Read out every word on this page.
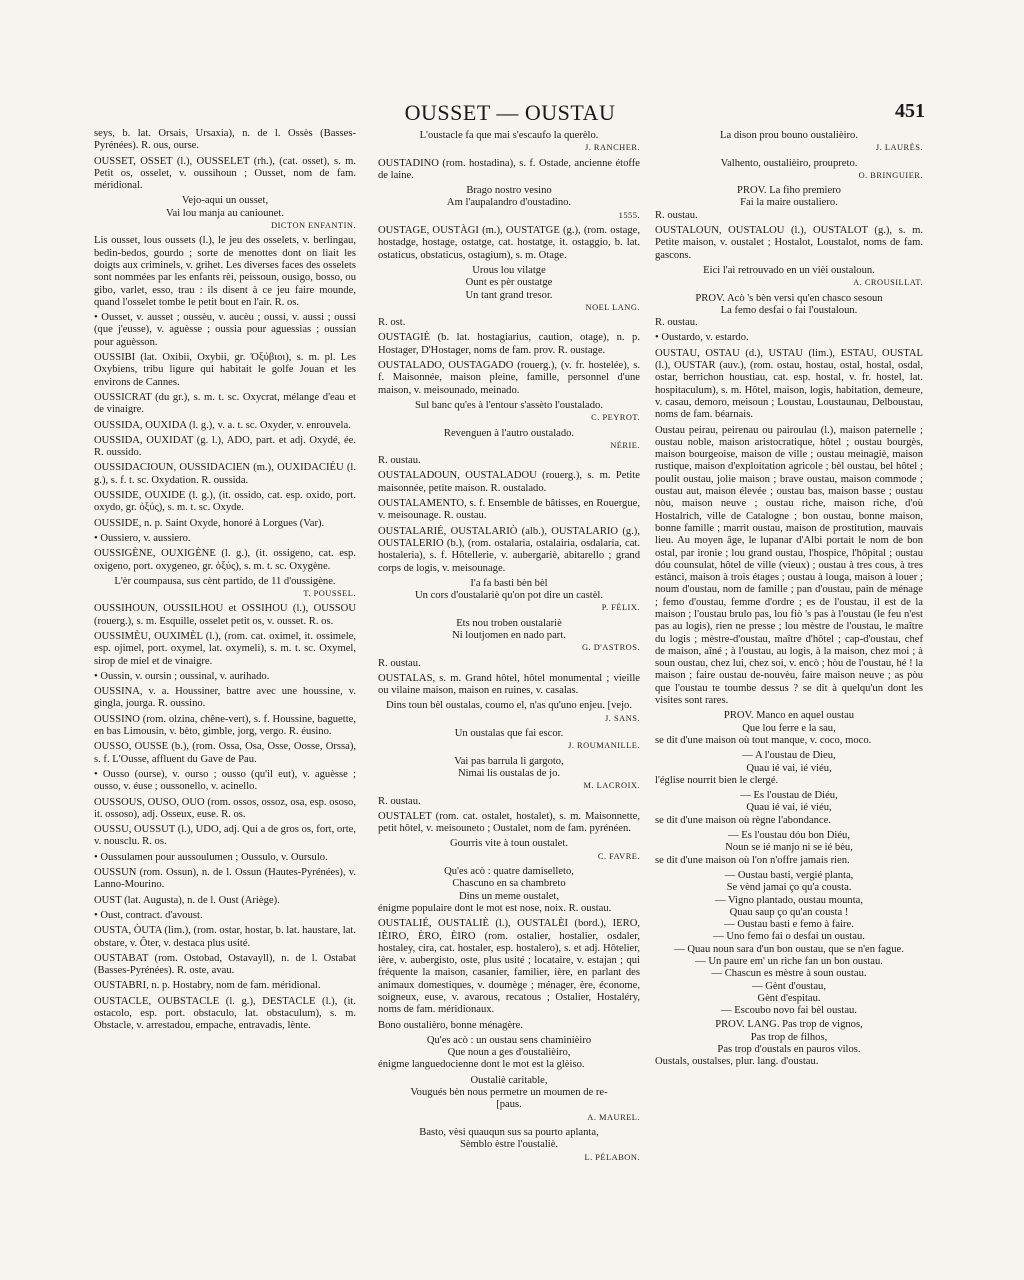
OUSSET — OUSTAU	451

seys, b. lat. Orsais, Ursaxia), n. de l. Ossès (Basses-Pyrénées). R. ous, ourse.

OUSSET, OSSET (l.), OUSSELET (rh.), (cat. osset), s. m. Petit os, osselet, v. oussihoun ; Ousset, nom de fam. méridional.

Vejo-aqui un ousset,
Vai lou manja au caniounet.

DICTON ENFANTIN.

Lis ousset, lous oussets (l.), le jeu des osselets, v. berlingau, bedin-bedos, gourdo ; sorte de menottes dont on liait les doigts aux criminels, v. grihet. Les diverses faces des osselets sont nommées par les enfants rèi, peissoun, ousigo, bosso, ou gibo, varlet, esso, trau : ils disent à ce jeu faire mounde, quand l'osselet tombe le petit bout en l'air. R. os.

• Ousset, v. ausset ; oussèu, v. aucèu ; oussi, v. aussi ; oussi (que j'eusse), v. aguèsse ; oussia pour aguessias ; oussian pour aguèsson.

OUSSIBI (lat. Oxibii, Oxybii, gr. Ὀξύβιοι), s. m. pl. Les Oxybiens, tribu ligure qui habitait le golfe Jouan et les environs de Cannes.

OUSSICRAT (du gr.), s. m. t. sc. Oxycrat, mélange d'eau et de vinaigre.

OUSSIDA, OUXIDA (l. g.), v. a. t. sc. Oxyder, v. enrouvela.

OUSSIDA, OUXIDAT (g. l.), ADO, part. et adj. Oxydé, ée. R. oussido.

OUSSIDACIOUN, OUSSIDACIEN (m.), OUXIDACIÉU (l. g.), s. f. t. sc. Oxydation. R. oussida.

OUSSIDE, OUXIDE (l. g.), (it. ossido, cat. esp. oxido, port. oxydo, gr. ὀξύς), s. m. t. sc. Oxyde.

OUSSIDE, n. p. Saint Oxyde, honoré à Lorgues (Var).

• Oussiero, v. aussiero.

OUSSIGÈNE, OUXIGÈNE (l. g.), (it. ossigeno, cat. esp. oxigeno, port. oxygeneo, gr. ὀξύς), s. m. t. sc. Oxygène.

L'èr coumpausa, sus cènt partido, de 11 d'oussigène.

T. POUSSEL.

OUSSIHOUN, OUSSILHOU et OSSIHOU (l.), OUSSOU (rouerg.), s. m. Esquille, osselet petit os, v. ousset. R. os.

OUSSIMÈU, OUXIMÈL (l.), (rom. cat. oximel, it. ossimele, esp. ojimel, port. oxymel, lat. oxymeli), s. m. t. sc. Oxymel, sirop de miel et de vinaigre.

• Oussin, v. oursin ; oussinal, v. aurihado.

OUSSINA, v. a. Houssiner, battre avec une houssine, v. gingla, jourga. R. oussino.

OUSSINO (rom. olzina, chêne-vert), s. f. Houssine, baguette, en bas Limousin, v. bèto, gimble, jorg, vergo. R. éusino.

OUSSO, OUSSE (b.), (rom. Ossa, Osa, Osse, Oosse, Orssa), s. f. L'Ousse, affluent du Gave de Pau.

• Ousso (ourse), v. ourso ; ousso (qu'il eut), v. aguèsse ; ousso, v. éuse ; oussonello, v. acinello.

OUSSOUS, OUSO, OUO (rom. ossos, ossoz, osa, esp. ososo, it. ossoso), adj. Osseux, euse. R. os.

OUSSU, OUSSUT (l.), UDO, adj. Qui a de gros os, fort, orte, v. nousclu. R. os.

• Oussulamen pour aussoulumen ; Oussulo, v. Oursulo.

OUSSUN (rom. Ossun), n. de l. Ossun (Hautes-Pyrénées), v. Lanno-Mourino.

OUST (lat. Augusta), n. de l. Oust (Ariège).

• Oust, contract. d'avoust.

OUSTA, ÒUTA (lim.), (rom. ostar, hostar, b. lat. haustare, lat. obstare, v. Ôter, v. destaca plus usité.

OUSTABAT (rom. Ostobad, Ostavayll), n. de l. Ostabat (Basses-Pyrénées). R. oste, avau.

OUSTABRI, n. p. Hostabry, nom de fam. méridional.

OUSTACLE, OUBSTACLE (l. g.), DESTACLE (l.), (it. ostacolo, esp. port. obstaculo, lat. obstaculum), s. m. Obstacle, v. arrestadou, empache, entravadis, lènte.

L'oustacle fa que mai s'escaufo la querèlo.

J. RANCHER.

OUSTADINO (rom. hostadina), s. f. Ostade, ancienne étoffe de laine.

Brago nostro vesino
Am l'aupalandro d'oustadino.

1555.

OUSTAGE, OUSTÀGI (m.), OUSTATGE (g.), (rom. ostage, hostadge, hostage, ostatge, cat. hostatge, it. ostaggio, b. lat. ostaticus, obstaticus, ostagium), s. m. Otage.

Urous lou vilatge
Ount es pèr oustatge
Un tant grand tresor.

NOEL LANG.

R. ost.

OUSTAGIÈ (b. lat. hostagiarius, caution, otage), n. p. Hostager, D'Hostager, noms de fam. prov. R. oustage.

OUSTALADO, OUSTAGADO (rouerg.), (v. fr. hostelée), s. f. Maisonnée, maison pleine, famille, personnel d'une maison, v. meisounado, meinado.

Sul banc qu'es à l'entour s'assèto l'oustalado.

C. PEYROT.

Revenguen à l'autro oustalado.

NÉRIE.

R. oustau.

OUSTALADOUN, OUSTALADOU (rouerg.), s. m. Petite maisonnée, petite maison. R. oustalado.

OUSTALAMENTO, s. f. Ensemble de bâtisses, en Rouergue, v. meisounage. R. oustau.

OUSTALARIÉ, OUSTALARIÒ (alb.), OUSTALARIO (g.), OUSTALERIO (b.), (rom. ostalaria, ostalairia, osdalaria, cat. hostaleria), s. f. Hôtellerie, v. aubergariè, abitarello ; grand corps de logis, v. meisounage.

I'a fa basti bèn bèl
Un cors d'oustalariè qu'on pot dire un castèl.

P. FÉLIX.

Ets nou troben oustalariè
Ni loutjomen en nado part.

G. D'ASTROS.

R. oustau.

OUSTALAS, s. m. Grand hôtel, hôtel monumental ; vieille ou vilaine maison, maison en ruines, v. casalas.

Dins toun bèl oustalas, coumo el, n'as qu'uno enjeu. [vejo.

J. SANS.

Un oustalas que fai escor.

J. ROUMANILLE.

Vai pas barrula li gargoto,
Nimai lis oustalas de jo.

M. LACROIX.

R. oustau.

OUSTALET (rom. cat. ostalet, hostalet), s. m. Maisonnette, petit hôtel, v. meisouneto ; Oustalet, nom de fam. pyrénéen.

Gourris vite à toun oustalet.

C. FAVRE.

Qu'es acò : quatre damiselleto,
Chascuno en sa chambreto
Dins un meme oustalet,

énigme populaire dont le mot est nose, noix. R. oustau.

OUSTALIÉ, OUSTALIÈ (l.), OUSTALÈI (bord.), IERO, IÈIRO, ÈRO, ÈIRO (rom. ostalier, hostalier, osdaler, hostaley, cira, cat. hostaler, esp. hostalero), s. et adj. Hôtelier, ière, v. aubergisto, oste, plus usité ; locataire, v. estajan ; qui fréquente la maison, casanier, familier, ière, en parlant des animaux domestiques, v. doumège ; ménager, ère, économe, soigneux, euse, v. avarous, recatous ; Ostalier, Hostaléry, noms de fam. méridionaux.

Bono oustalièro, bonne ménagère.

Qu'es acò : un oustau sens chaminièiro
Que noun a ges d'oustalièiro,

énigme languedocienne dont le mot est la glèiso.

Oustaliè caritable,
Vougués bèn nous permetre un moumen de re-
[paus.

A. MAUREL.

Basto, vèsi quauqun sus sa pourto aplanta,
Sèmblo èstre l'oustaliè.

L. PÉLABON.

La dison prou bouno oustalièiro.

J. LAURÈS.

Valhento, oustalièiro, proupreto.

O. BRINGUIER.

PROV. La fiho premiero
Fai la maire oustaliero.

R. oustau.

OUSTALOUN, OUSTALOU (l.), OUSTALOT (g.), s. m. Petite maison, v. oustalet ; Hostalot, Loustalot, noms de fam. gascons.

Eici l'ai retrouvado en un vièi oustaloun.

A. CROUSILLAT.

PROV. Acò 's bèn versi qu'en chasco sesoun
La femo desfai o fai l'oustaloun.

R. oustau.

• Oustardo, v. estardo.

OUSTAU, OSTAU (d.), USTAU (lim.), ESTAU, OUSTAL (l.), OUSTAR (auv.), (rom. ostau, hostau, ostal, hostal, osdal, ostar, berrichon houstiau, cat. esp. hostal, v. fr. hostel, lat. hospitaculum), s. m. Hôtel, maison, logis, habitation, demeure, v. casau, demoro, meisoun ; Loustau, Loustaunau, Delboustau, noms de fam. béarnais.

Oustau peirau, peirenau ou pairoulau (l.), maison paternelle ; oustau noble, maison aristocratique, hôtel ; oustau bourgès, maison bourgeoise, maison de ville ; oustau meinagiè, maison rustique, maison d'exploitation agricole ; bèl oustau, bel hôtel ; poulit oustau, jolie maison ; brave oustau, maison commode ; oustau aut, maison élevée ; oustau bas, maison basse ; oustau nòu, maison neuve ; oustau riche, maison riche, d'où Hostalrich, ville de Catalogne ; bon oustau, bonne maison, bonne famille ; marrit oustau, maison de prostitution, mauvais lieu. Au moyen âge, le lupanar d'Albi portait le nom de bon ostal, par ironie ; lou grand oustau, l'hospice, l'hôpital ; oustau dóu counsulat, hôtel de ville (vieux) ; oustau à tres cous, à tres estànci, maison à trois étages ; oustau à louga, maison à louer ; noum d'oustau, nom de famille ; pan d'oustau, pain de ménage ; femo d'oustau, femme d'ordre ; es de l'oustau, il est de la maison ; l'oustau brulo pas, lou fiò 's pas à l'oustau (le feu n'est pas au logis), rien ne presse ; lou mèstre de l'oustau, le maître du logis ; mèstre-d'oustau, maître d'hôtel ; cap-d'oustau, chef de maison, aîné ; à l'oustau, au logis, à la maison, chez moi ; à soun oustau, chez lui, chez soi, v. encò ; hòu de l'oustau, hé ! la maison ; faire oustau de-nouvèu, faire maison neuve ; as pòu que l'oustau te toumbe dessus ? se dit à quelqu'un dont les visites sont rares.

PROV. Manco en aquel oustau
Que lou ferre e la sau,

se dit d'une maison où tout manque, v. coco, moco.

— A l'oustau de Dieu,
Quau ié vai, ié viéu,

l'église nourrit bien le clergé.

— Es l'oustau de Diéu,
Quau ié vai, ié viéu,

se dit d'une maison où règne l'abondance.

— Es l'oustau dóu bon Diéu,
Noun se ié manjo ni se ié bèu,

se dit d'une maison où l'on n'offre jamais rien.

— Oustau basti, vergié planta,
Se vènd jamai ço qu'a cousta.
— Vigno plantado, oustau mounta,
Quau saup ço qu'an cousta !
— Oustau basti e femo à faire.
— Uno femo fai o desfai un oustau.
— Quau noun sara d'un bon oustau, que se n'en fague.
— Un paure em' un riche fan un bon oustau.
— Chascun es mèstre à soun oustau.
— Gènt d'oustau,
Gènt d'espitau.
— Escoubo novo fai bèl oustau.

PROV. LANG. Pas trop de vignos,
Pas trop de filhos,
Pas trop d'oustals en pauros vilos.

Oustals, oustalses, plur. lang. d'oustau.
